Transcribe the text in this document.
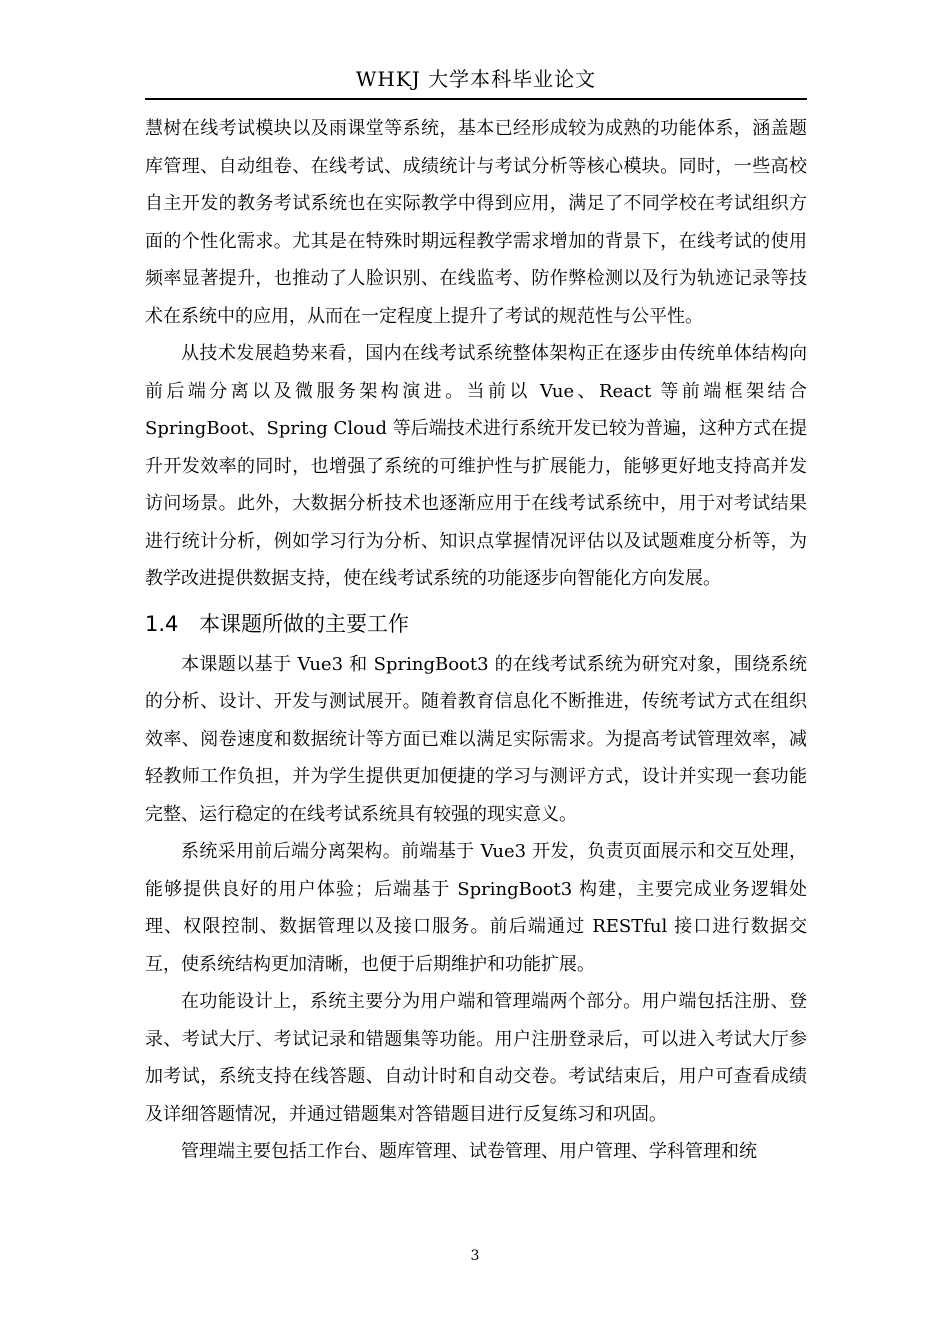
WHKJ 大学本科毕业论文

慧树在线考试模块以及雨课堂等系统，基本已经形成较为成熟的功能体系，涵盖题库管理、自动组卷、在线考试、成绩统计与考试分析等核心模块。同时，一些高校自主开发的教务考试系统也在实际教学中得到应用，满足了不同学校在考试组织方面的个性化需求。尤其是在特殊时期远程教学需求增加的背景下，在线考试的使用频率显著提升，也推动了人脸识别、在线监考、防作弊检测以及行为轨迹记录等技术在系统中的应用，从而在一定程度上提升了考试的规范性与公平性。

从技术发展趋势来看，国内在线考试系统整体架构正在逐步由传统单体结构向前后端分离以及微服务架构演进。当前以 Vue、React 等前端框架结合 SpringBoot、Spring Cloud 等后端技术进行系统开发已较为普遍，这种方式在提升开发效率的同时，也增强了系统的可维护性与扩展能力，能够更好地支持高并发访问场景。此外，大数据分析技术也逐渐应用于在线考试系统中，用于对考试结果进行统计分析，例如学习行为分析、知识点掌握情况评估以及试题难度分析等，为教学改进提供数据支持，使在线考试系统的功能逐步向智能化方向发展。

1.4 本课题所做的主要工作

本课题以基于 Vue3 和 SpringBoot3 的在线考试系统为研究对象，围绕系统的分析、设计、开发与测试展开。随着教育信息化不断推进，传统考试方式在组织效率、阅卷速度和数据统计等方面已难以满足实际需求。为提高考试管理效率，减轻教师工作负担，并为学生提供更加便捷的学习与测评方式，设计并实现一套功能完整、运行稳定的在线考试系统具有较强的现实意义。

系统采用前后端分离架构。前端基于 Vue3 开发，负责页面展示和交互处理，能够提供良好的用户体验；后端基于 SpringBoot3 构建，主要完成业务逻辑处理、权限控制、数据管理以及接口服务。前后端通过 RESTful 接口进行数据交互，使系统结构更加清晰，也便于后期维护和功能扩展。

在功能设计上，系统主要分为用户端和管理端两个部分。用户端包括注册、登录、考试大厅、考试记录和错题集等功能。用户注册登录后，可以进入考试大厅参加考试，系统支持在线答题、自动计时和自动交卷。考试结束后，用户可查看成绩及详细答题情况，并通过错题集对答错题目进行反复练习和巩固。

管理端主要包括工作台、题库管理、试卷管理、用户管理、学科管理和统

3
